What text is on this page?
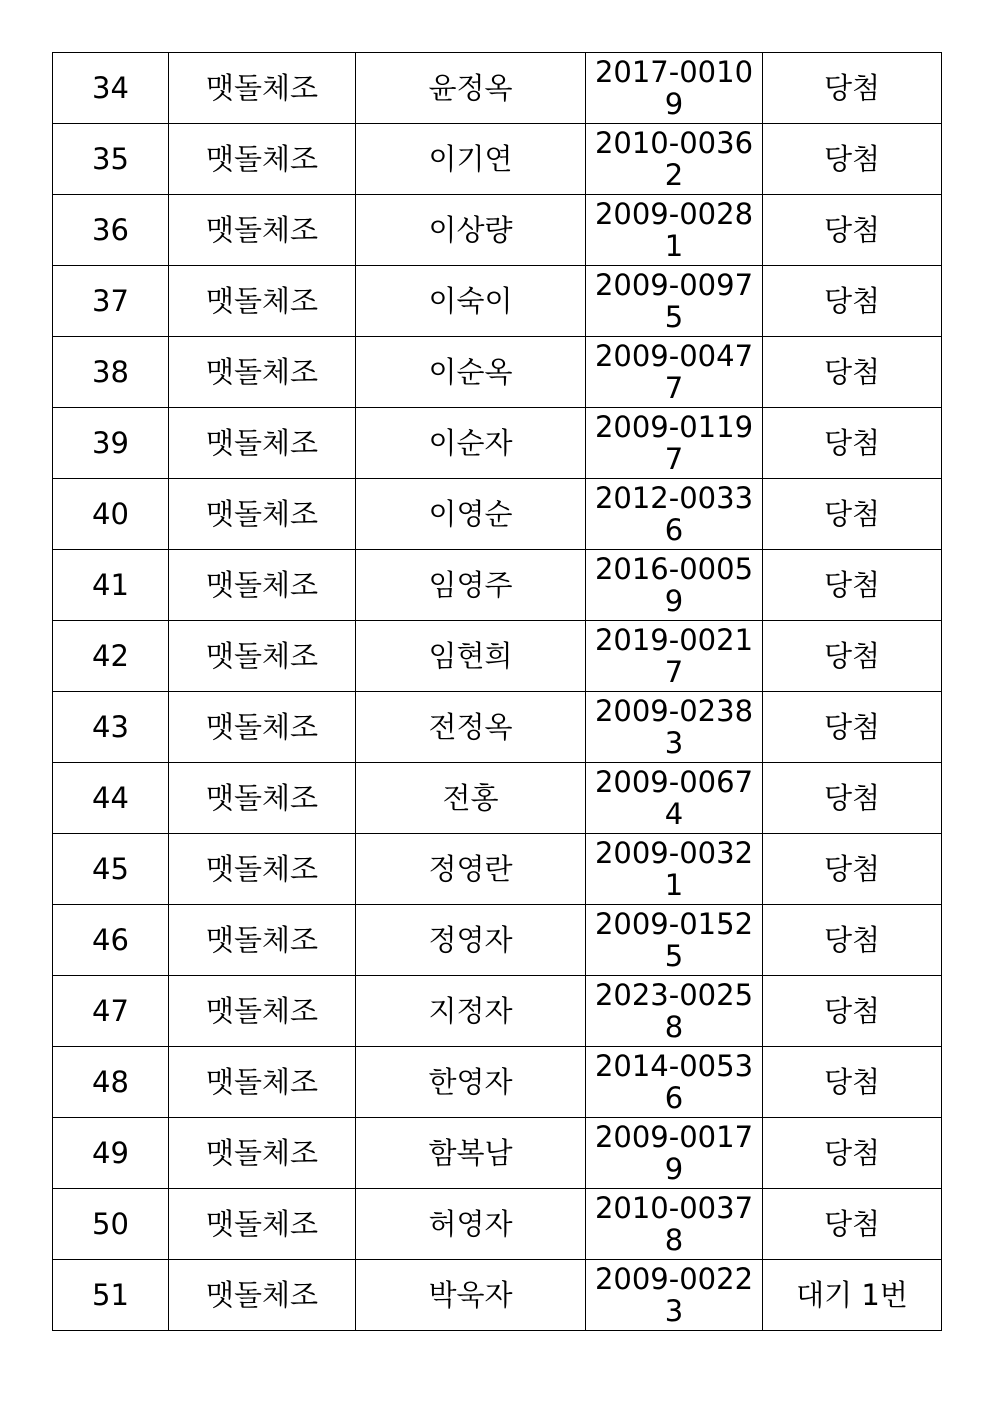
34	맷돌체조	윤정옥	2017-00109	당첨
35	맷돌체조	이기연	2010-00362	당첨
36	맷돌체조	이상량	2009-00281	당첨
37	맷돌체조	이숙이	2009-00975	당첨
38	맷돌체조	이순옥	2009-00477	당첨
39	맷돌체조	이순자	2009-01197	당첨
40	맷돌체조	이영순	2012-00336	당첨
41	맷돌체조	임영주	2016-00059	당첨
42	맷돌체조	임현희	2019-00217	당첨
43	맷돌체조	전정옥	2009-02383	당첨
44	맷돌체조	전홍	2009-00674	당첨
45	맷돌체조	정영란	2009-00321	당첨
46	맷돌체조	정영자	2009-01525	당첨
47	맷돌체조	지정자	2023-00258	당첨
48	맷돌체조	한영자	2014-00536	당첨
49	맷돌체조	함복남	2009-00179	당첨
50	맷돌체조	허영자	2010-00378	당첨
51	맷돌체조	박욱자	2009-00223	대기 1번
